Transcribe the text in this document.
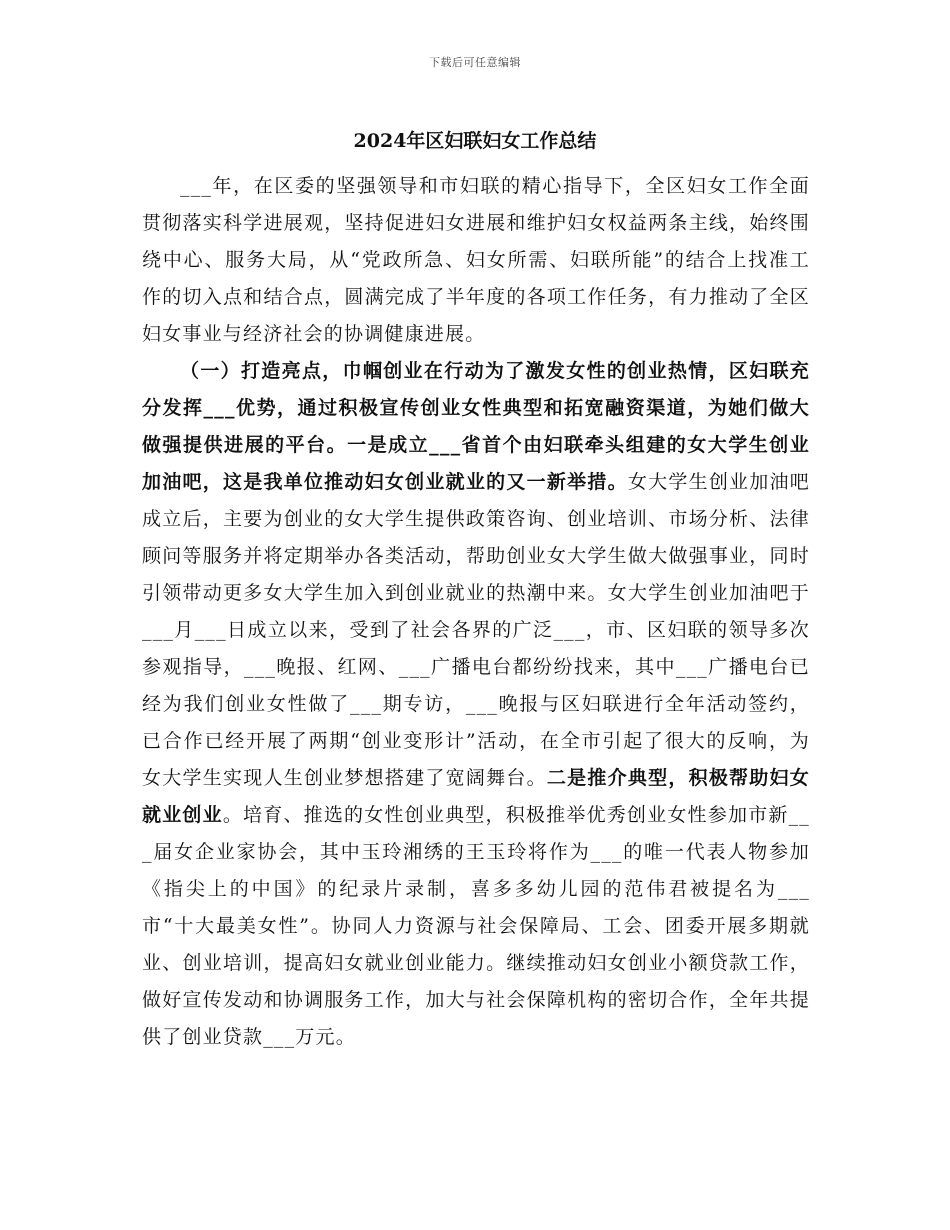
下载后可任意编辑
2024年区妇联妇女工作总结

___年，在区委的坚强领导和市妇联的精心指导下，全区妇女工作全面贯彻落实科学进展观，坚持促进妇女进展和维护妇女权益两条主线，始终围绕中心、服务大局，从“党政所急、妇女所需、妇联所能”的结合上找准工作的切入点和结合点，圆满完成了半年度的各项工作任务，有力推动了全区妇女事业与经济社会的协调健康进展。

（一）打造亮点，巾帼创业在行动为了激发女性的创业热情，区妇联充分发挥___优势，通过积极宣传创业女性典型和拓宽融资渠道，为她们做大做强提供进展的平台。一是成立___省首个由妇联牵头组建的女大学生创业加油吧，这是我单位推动妇女创业就业的又一新举措。女大学生创业加油吧成立后，主要为创业的女大学生提供政策咨询、创业培训、市场分析、法律顾问等服务并将定期举办各类活动，帮助创业女大学生做大做强事业，同时引领带动更多女大学生加入到创业就业的热潮中来。女大学生创业加油吧于___月___日成立以来，受到了社会各界的广泛___，市、区妇联的领导多次参观指导，___晚报、红网、___广播电台都纷纷找来，其中___广播电台已经为我们创业女性做了___期专访，___晚报与区妇联进行全年活动签约，已合作已经开展了两期“创业变形计”活动，在全市引起了很大的反响，为女大学生实现人生创业梦想搭建了宽阔舞台。二是推介典型，积极帮助妇女就业创业。培育、推选的女性创业典型，积极推举优秀创业女性参加市新___届女企业家协会，其中玉玲湘绣的王玉玲将作为___的唯一代表人物参加《指尖上的中国》的纪录片录制，喜多多幼儿园的范伟君被提名为___市“十大最美女性”。协同人力资源与社会保障局、工会、团委开展多期就业、创业培训，提高妇女就业创业能力。继续推动妇女创业小额贷款工作，做好宣传发动和协调服务工作，加大与社会保障机构的密切合作，全年共提供了创业贷款___万元。
